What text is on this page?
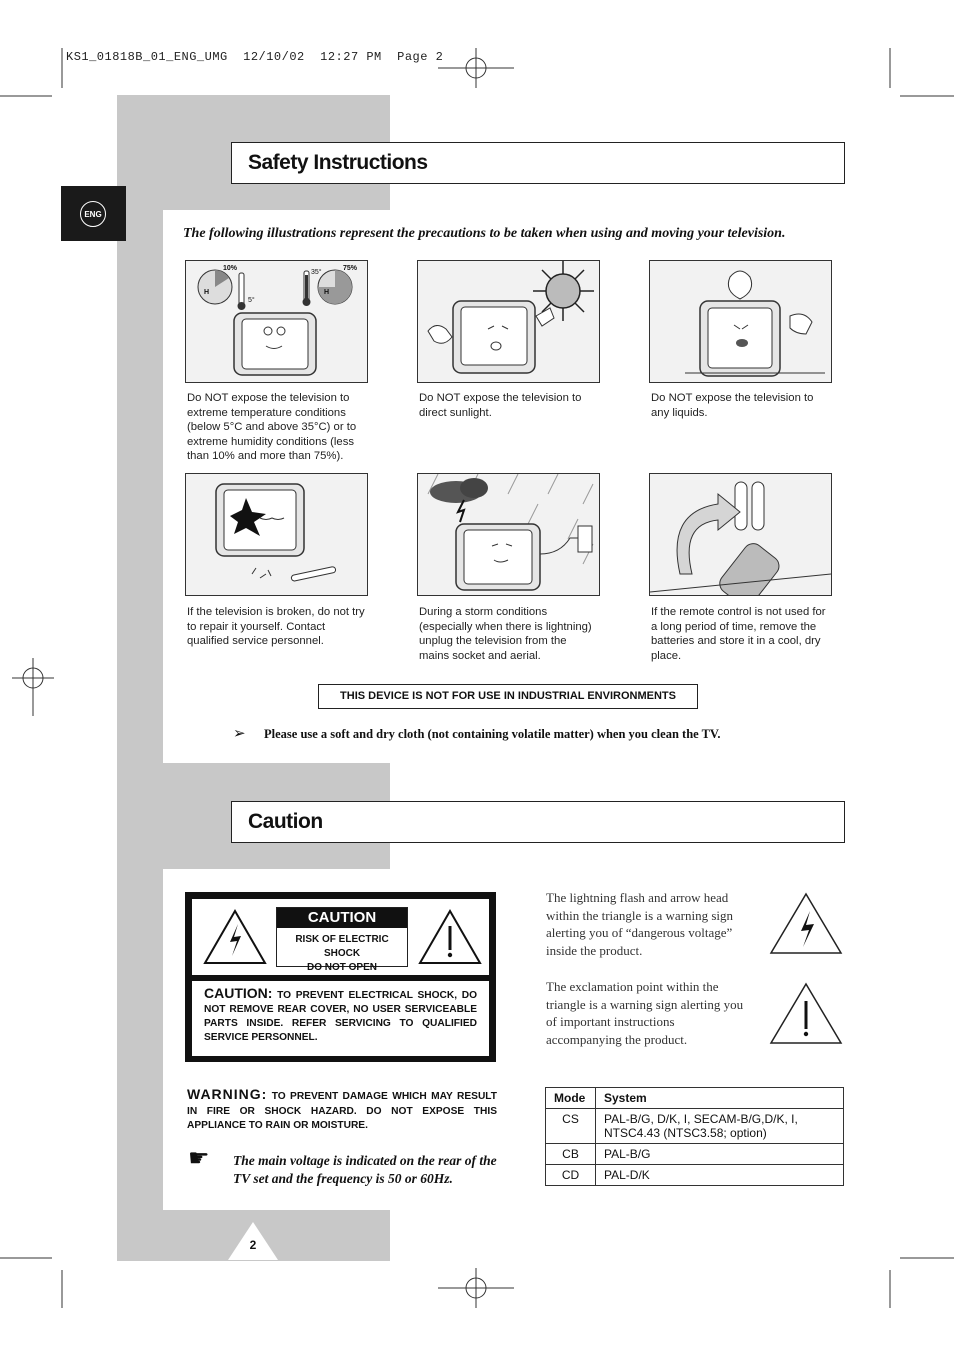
KS1_01818B_01_ENG_UMG  12/10/02  12:27 PM  Page 2
ENG
Safety Instructions
The following illustrations represent the precautions to be taken when using and moving your television.
10%	75%
35°
5°
H	H
Do NOT expose the television to extreme temperature conditions (below 5°C and above 35°C) or to extreme humidity conditions (less than 10% and more than 75%).
Do NOT expose the television to direct sunlight.
Do NOT expose the television to any liquids.
If the television is broken, do not try to repair it yourself. Contact qualified service personnel.
During a storm conditions (especially when there is lightning) unplug the television from the mains socket and aerial.
If the remote control is not used for a long period of time, remove the batteries and store it in a cool, dry place.
THIS DEVICE IS NOT FOR USE IN INDUSTRIAL ENVIRONMENTS
➢ Please use a soft and dry cloth (not containing volatile matter) when you clean the TV.
Caution
CAUTION
RISK OF ELECTRIC SHOCK
DO NOT OPEN
CAUTION: TO PREVENT ELECTRICAL SHOCK, DO NOT REMOVE REAR COVER, NO USER SERVICEABLE PARTS INSIDE. REFER SERVICING TO QUALIFIED SERVICE PERSONNEL.
WARNING: TO PREVENT DAMAGE WHICH MAY RESULT IN FIRE OR SHOCK HAZARD. DO NOT EXPOSE THIS APPLIANCE TO RAIN OR MOISTURE.
☛ The main voltage is indicated on the rear of the TV set and the frequency is 50 or 60Hz.
The lightning flash and arrow head within the triangle is a warning sign alerting you of “dangerous voltage” inside the product.
The exclamation point within the triangle is a warning sign alerting you of important instructions accompanying the product.
Mode	System
CS	PAL-B/G, D/K, I, SECAM-B/G,D/K, I, NTSC4.43 (NTSC3.58; option)
CB	PAL-B/G
CD	PAL-D/K
2
